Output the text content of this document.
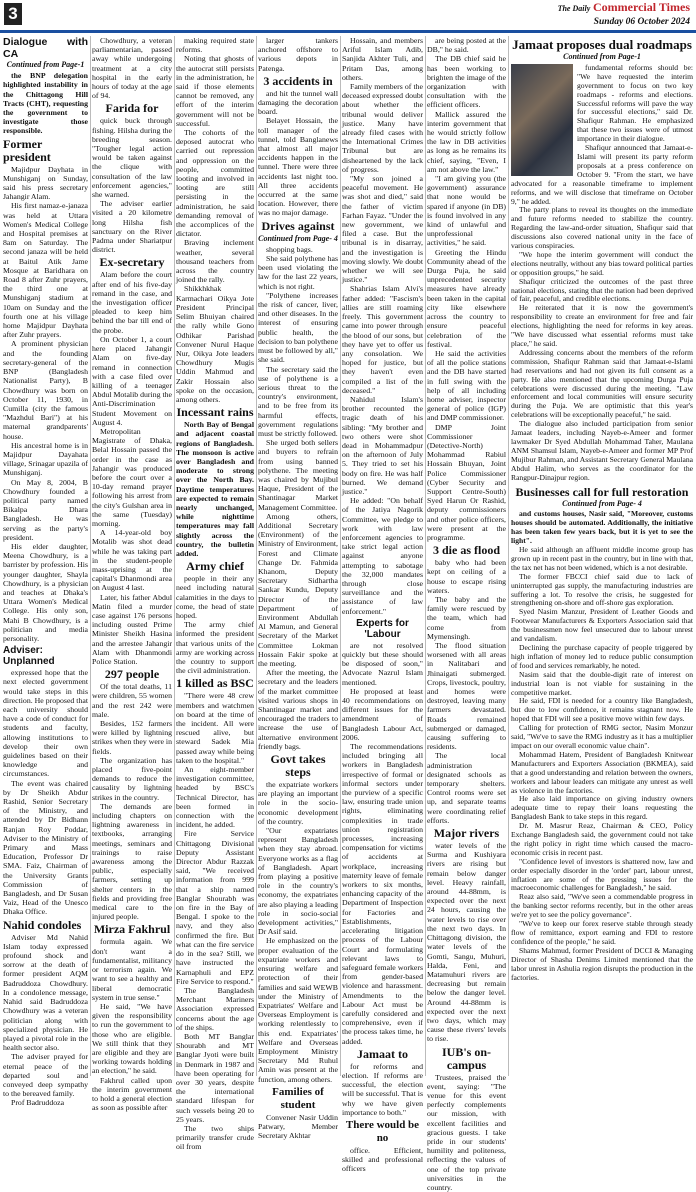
3	The Daily Commercial Times
Sunday 06 October 2024
Dialogue with CA
Continued from Page-1

the BNP delegation highlighted instability in the Chittagong Hill Tracts (CHT), requesting the government to investigate those responsible.

Former president

Majidpur Dayhata in Munshiganj on Sunday, said his press secretary Jahangir Alam.

His first namaz-e-janaza was held at Uttara Women's Medical College and Hospital premises at 8am on Saturday. The second janaza will be held at Baitul Atik Jame Mosque at Baridhara on Road 8 after Zuhr prayers, the third one at Munshiganj stadium at 10am on Sunday and the fourth one at his village home Majidpur Dayhata after Zuhr prayers.

A prominent physician and the founding secretary-general of the BNP (Bangladesh Nationalist Party), B Chowdhury was born on October 11, 1930, in Cumilla (city the famous "Mazhdul Bari") at his maternal grandparents' house.

His ancestral home is in Majidpur Dayahata village, Srinagar upazila of Munshiganj.

On May 8, 2004, B Chowdhury founded a political party named Bikalpa Dhara Bangladesh. He was serving as the party's president.

His elder daughter, Meena Chowdhury, is a barrister by profession. His younger daughter, Shayla Chowdhury, is a physician and teaches at Dhaka's Uttara Women's Medical College. His only son, Mahi B Chowdhury, is a politician and media personality.

Adviser: Unplanned

expressed hope that the next elected government would take steps in this direction. He proposed that each university should have a code of conduct for students and faculty, allowing institutions to develop their own guidelines based on their knowledge and circumstances.

The event was chaired by Dr Sheikh Abdur Rashid, Senior Secretary of the Ministry, and attended by Dr Bidhann Ranjan Roy Poddar, Adviser to the Ministry of Primary and Mass Education, Professor Dr SMA. Faiz, Chairman of the University Grants Commission of Bangladesh, and Dr Susan Vaiz, Head of the Unesco Dhaka Office.

Nahid condoles

Adviser Md Nahid Islam today expressed profound shock and sorrow at the death of former president AQM Badruddoza Chowdhury. In a condolence message, Nahid said Badruddoza Chowdhury was a veteran politician along with specialized physician. He played a pivotal role in the health sector also.

The adviser prayed for eternal peace of the departed soul and conveyed deep sympathy to the bereaved family.

Prof Badruddoza

Chowdhury, a veteran parliamentarian, passed away while undergoing treatment at a city hospital in the early hours of today at the age of 94.

Farida for

quick buck through fishing. Hilsha during the breeding season. "Tougher legal action would be taken against the clique with consultation of the law enforcement agencies," she warned.

The adviser earlier visited a 20 kilometre long Hilsha fish sanctuary on the River Padma under Shariatpur district.

Ex-secretary

Alam before the court after end of his five-day remand in the case, and the investigation officer pleaded to keep him behind the bar till end of the probe.

On October 1, a court here placed Jahangir Alam on five-day remand in connection with a case filed over killing of a teenager Abdul Motalib during the Anti-Discrimination Student Movement on August 4.

Metropolitan Magistrate of Dhaka, Belal Hossain passed the order in the case as Jahangir was produced before the court over a 10-day remand prayer following his arrest from the city's Gulshan area in the same (Tuesday) morning.

A 14-year-old boy Motalib was shot dead while he was taking part in the student-people mass-uprising at the capital's Dhanmondi area on August 4 last.

Later, his father Abdul Matin filed a murder case against 176 persons including ousted Prime Minister Sheikh Hasina and the arrestee Jahangir Alam with Dhanmondi Police Station.

297 people

Of the total deaths, 11 were children, 55 women and the rest 242 were male.

Besides, 152 farmers were killed by lightning strikes when they were in fields.

The organization has placed five-point demands to reduce the causality by lightning strikes in the country.

The demands are including chapters on lightning awareness in textbooks, arranging meetings, seminars and trainings to raise awareness among the public, especially farmers, setting up shelter centers in the fields and providing free medical care to the injured people.

Mirza Fakhrul

formula again. We don't want a fundamentalist, militancy or terrorism again. We want to see a healthy and liberal democratic system in true sense."

He said, "We have given the responsibility to run the government to those who are eligible. We still think that they are eligible and they are working towards holding an election," he said.

Fakhrul called upon the interim government to hold a general election as soon as possible after

making required state reforms.

Noting that ghosts of the autocrat still persists in the administration, he said if those elements cannot be removed, any effort of the interim government will not be successful.

The cohorts of the deposed autocrat who carried out repression and oppression on the people, committed looting and involved in looting are still persisting in the administration, he said demanding removal of the accomplices of the dictator.

Braving inclement weather, several thousand teachers from across the country joined the rally.

Shikkhkhak Karmachari Oikya Jote President Principal Selim Bhuiyan chaired the rally while Gono Odhikar Parishad Convener Nurul Haque Nur, Oikya Jote leaders Chowdhury Mugis Uddin Mahmud and Zakir Hossain also spoke on the occasion, among others.

Incessant rains

North Bay of Bengal and adjacent coastal regions of Bangladesh. The monsoon is active over Bangladesh and moderate to strong over the North Bay. Daytime temperatures are expected to remain nearly unchanged, while nighttime temperatures may fall slightly across the country, the bulletin added.

Army chief

people in their any need including natural calamities in the days to come, the head of state hoped.

The army chief informed the president that various units of the army are working across the country to support the civil administration.

1 killed as BSC

"There were 48 crew members and watchmen on board at the time of the incident. All were rescued alive, but steward Sadek Mia passed away while being taken to the hospital."

An eight-member investigation committee, headed by BSC's Technical Director, has been formed in connection with the incident, he added.

Fire Service Chittagong Divisional Deputy Assistant Director Abdur Razzak said, "We received information from 999 that a ship named Banglar Shourabh was on fire in the Bay of Bengal. I spoke to the navy, and they also confirmed the fire. But what can the fire service do in the sea? Still, we have instructed the Karnaphuli and EPZ Fire Service to respond."

The Bangladesh Merchant Mariners Association expressed concerns about the age of the ships.

Both MT Banglar Shourabh and MT Banglar Jyoti were built in Denmark in 1987 and have been operating for over 30 years, despite the international standard lifespan for such vessels being 20 to 25 years.

The two ships primarily transfer crude oil from

larger tankers anchored offshore to various depots in Patenga.

3 accidents in

and hit the tunnel wall damaging the decoration board.

Belayet Hossain, the toll manager of the tunnel, told Banglanews that almost all major accidents happen in the tunnel. There were three accidents last night too. All three accidents occurred at the same location. However, there was no major damage.

Drives against
Continued from Page- 4

shopping bags.

She said polythene has been used violating the law for the last 22 years, which is not right.

"Polythene increases the risk of cancer, liver, and other diseases. In the interest of ensuring public health, the decision to ban polythene must be followed by all," she said.

The secretary said the use of polythene is a serious threat to the country's environment, and to be free from its harmful effects, government regulations must be strictly followed.

She urged both sellers and buyers to refrain from using banned polythene. The meeting was chaired by Mujibul Haque, President of the Shantinagar Market Management Committee.

Among others, Additional Secretary (Environment) of the Ministry of Environment, Forest and Climate Change Dr. Fahmida Khanom, Deputy Secretary Sidhartha Sankar Kundu, Deputy Director of the Department of Environment Abdullah Al Mamun, and General Secretary of the Market Committee Lokman Hossain Fakir spoke at the meeting.

After the meeting, the secretary and the leaders of the market committee visited various shops in Shantinagar market and encouraged the traders to increase the use of alternative environment friendly bags.

Govt takes steps

the expatriate workers are playing an important role in the socio-economic development of the country.

"Our expatriates represent Bangladesh when they stay abroad. Everyone works as a flag of Bangladesh. Apart from playing a positive role in the country's economy, the expatriates are also playing a leading role in socio-social development activities," Dr Asif said.

He emphasized on the proper evaluation of the expatriate workers and ensuring welfare and protection of their families and said WEWB under the Ministry of Expatriates' Welfare and Overseas Employment is working relentlessly to this end. Expatriates' Welfare and Overseas Employment Ministry Secretary Md Ruhul Amin was present at the function, among others.

Families of student

Convener Nasir Uddin Patwary, Member Secretary Akhtar

Hossain, and members Ariful Islam Adib, Sanjida Akhter Tuli, and Pritam Das, among others.

Family members of the deceased expressed doubt about whether the tribunal would deliver justice. Many have already filed cases with the International Crimes Tribunal but are disheartened by the lack of progress.

"My son joined a peaceful movement. He was shot and died," said the father of victim Farhan Fayaz. "Under the new government, we filed a case. But the tribunal is in disarray, and the investigation is moving slowly. We doubt whether we will see justice."

Shahrias Islam Alvi's father added: "Fascism's allies are still roaming freely. This government came into power through the blood of our sons, but they have yet to offer us any consolation. We hoped for justice, but they haven't even compiled a list of the deceased."

Nahidul Islam's brother recounted the tragic death of his sibling: "My brother and two others were shot dead in Mohammadpur on the afternoon of July 5. They tried to set his body on fire. He was half burned. We demand justice."

He added: "On behalf of the Jatiya Nagorik Committee, we pledge to work with law enforcement agencies to take strict legal action against anyone attempting to sabotage the 32,000 mandates through close surveillance and the assistance of law enforcement."

Experts for 'Labour

are not resolved quickly but these should be disposed of soon," Advocate Nazrul Islam mentioned.

He proposed at least 40 recommendations on different issues for the amendment of Bangladesh Labour Act, 2006.

The recommendations included bringing all workers in Bangladesh irrespective of formal or informal sectors under the purview of a specific law, ensuring trade union rights, eliminating complexities in trade union registration processes, increasing compensation for victims of accidents at workplace, increasing maternity leave of female workers to six months, enhancing capacity of the Department of Inspection for Factories and Establishments, accelerating litigation process of the Labour Court and formulating relevant laws to safeguard female workers from gender-based violence and harassment. Amendments to the Labour Act must be carefully considered and comprehensive, even if the process takes time, he added.

Jamaat to

for reforms and election. If reforms are successful, the election will be successful. That is why we have given importance to both."

There would be no

office. Efficient, skilled and professional officers

are being posted at the DB," he said.

The DB chief said he has been working to brighten the image of the organization with consultation with the efficient officers.

Mallick assured the interim government that he would strictly follow the law in DB activities as long as he remains its chief, saying, "Even, I am not above the law."

"I am giving you (the government) assurance that none would be spared if anyone (in DB) is found involved in any kind of unlawful and unprofessional activities," he said.

Greeting the Hindu Community ahead of the Durga Puja, he said unprecedented security measures have already been taken in the capital city like elsewhere across the country to ensure peaceful celebration of the festival.

He said the activities of all the police stations and the DB have started in full swing with the help of all including home adviser, inspector general of police (IGP) and DMP commissioner.

DMP Joint Commissioner (Detective-North) Mohammad Rabiul Hossain Bhuyan, Joint Police Commissioner (Cyber Security and Support Centre-South) Syed Harun Or Rashid, deputy commissioners and other police officers, were present at the programme.

3 die as flood

baby who had been kept on ceiling of a house to escape rising waters.

The baby and the family were rescued by the team, which had come from Mymensingh.

The flood situation worsened with all areas in Nalitabari and Jhinaigati submerged. Crops, livestock, poultry, and homes were destroyed, leaving many farmers devastated. Roads remained submerged or damaged, causing suffering to residents.

The local administration designated schools as temporary shelters. Control rooms were set up, and separate teams were coordinating relief efforts.

Major rivers

water levels of the Surma and Kushiyara rivers are rising but remain below danger level. Heavy rainfall, around 44-88mm, is expected over the next 24 hours, causing the water levels to rise over the next two days. In Chittagong division, the water levels of the Gomti, Sangu, Muhuri, Halda, Feni, and Matamuhuri rivers are decreasing but remain below the danger level. Around 44-88mm is expected over the next two days, which may cause these rivers' levels to rise.

IUB's on-campus

Trustees, praised the event, saying: "The venue for this event perfectly complements our mission, with excellent facilities and gracious guests. I take pride in our students' humility and politeness, reflecting the values of one of the top private universities in the country.

Jamaat proposes dual roadmaps
Continued from Page-1

fundamental reforms should be: "We have requested the interim government to focus on two key roadmaps - reforms and elections. Successful reforms will pave the way for successful elections," said Dr. Shafiqur Rahman. He emphasized that these two issues were of utmost importance in their dialogue.

Shafiqur announced that Jamaat-e-Islami will present its party reform proposals at a press conference on October 9. "From the start, we have advocated for a reasonable timeframe to implement reforms, and we will disclose that timeframe on October 9," he added.

The party plans to reveal its thoughts on the immediate and future reforms needed to stabilize the country. Regarding the law-and-order situation, Shafiqur said that discussions also covered national unity in the face of various conspiracies.

"We hope the interim government will conduct the elections neutrally, without any bias toward political parties or opposition groups," he said.

Shafiqur criticized the outcomes of the past three national elections, stating that the nation had been deprived of fair, peaceful, and credible elections.

He reiterated that it is now the government's responsibility to create an environment for free and fair elections, highlighting the need for reforms in key areas. "We have discussed what essential reforms must take place," he said.

Addressing concerns about the members of the reform commission, Shafiqur Rahman said that Jamaat-e-Islami had reservations and had not given its full consent as a party. He also mentioned that the upcoming Durga Puja celebrations were discussed during the meeting. "Law enforcement and local communities will ensure security during the Puja. We are optimistic that this year's celebrations will be exceptionally peaceful," he said.

The dialogue also included participation from senior Jamaat leaders, including Nayeb-e-Ameer and former lawmaker Dr Syed Abdullah Mohammad Taher, Maulana ANM Shamsul Islam, Nayeb-e-Ameer and former MP Prof Mujibur Rahman, and Assistant Secretary General Maulana Abdul Halim, who serves as the coordinator for the Rangpur-Dinajpur region.

Businesses call for full restoration
Continued from Page- 4

and customs houses, Nasir said, "Moreover, customs houses should be automated. Additionally, the initiative has been taken few years back, but it is yet to see the light".

He said although an affluent middle income group has grown up in recent past in the country, but in line with that, the tax net has not been widened, which is a not desirable.

The former FBCCI chief said due to lack of uninterrupted gas supply, the manufacturing industries are suffering a lot. To resolve the crisis, he suggested for strengthening on-shore and off-shore gas exploration.

Syed Nasim Manzur, President of Leather Goods and Footwear Manufacturers & Exporters Association said that the businessmen now feel unsecured due to labour unrest and vandalism.

Declining the purchase capacity of people triggered by high inflation of money led to reduce public consumption of food and services remarkably, he noted.

Nasim said that the double-digit rate of interest on industrial loan is not viable for sustaining in the competitive market.

He said, FDI is needed for a country like Bangladesh, but due to low confidence, it remains stagnant now. He hoped that FDI will see a positive move within few days.

Calling for protection of RMG sector, Nasim Monzur said, "We've to save the RMG industry as it has a multiplier impact on our overall economic value chain".

Mohammad Hatem, President of Bangladesh Knitwear Manufacturers and Exporters Association (BKMEA), said that a good understanding and relation between the owners, workers and labour leaders can mitigate any unrest as well as violence in the factories.

He also laid importance on giving industry owners adequate time to repay their loans requesting the Bangladesh Bank to take steps in this regard.

Dr. M. Masrur Reaz, Chairman & CEO, Policy Exchange Bangladesh said, the government could not take the right policy in right time which caused the macro-economic crisis in recent past.

"Confidence level of investors is shattered now, law and order especially disorder in the 'order' part, labour unrest, inflation are some of the pressing issues for the macroeconomic challenges for Bangladesh," he said.

Reaz also said, "We've seen a commendable progress in the banking sector reforms recently, but in the other areas we're yet to see the policy governance".

"We've to keep our forex reserve stable through steady flow of remittance, export earning and FDI to restore confidence of the people," he said.

Shams Mahmud, former President of DCCI & Managing Director of Shasha Denims Limited mentioned that the labor unrest in Ashulia region disrupts the production in the factories.
